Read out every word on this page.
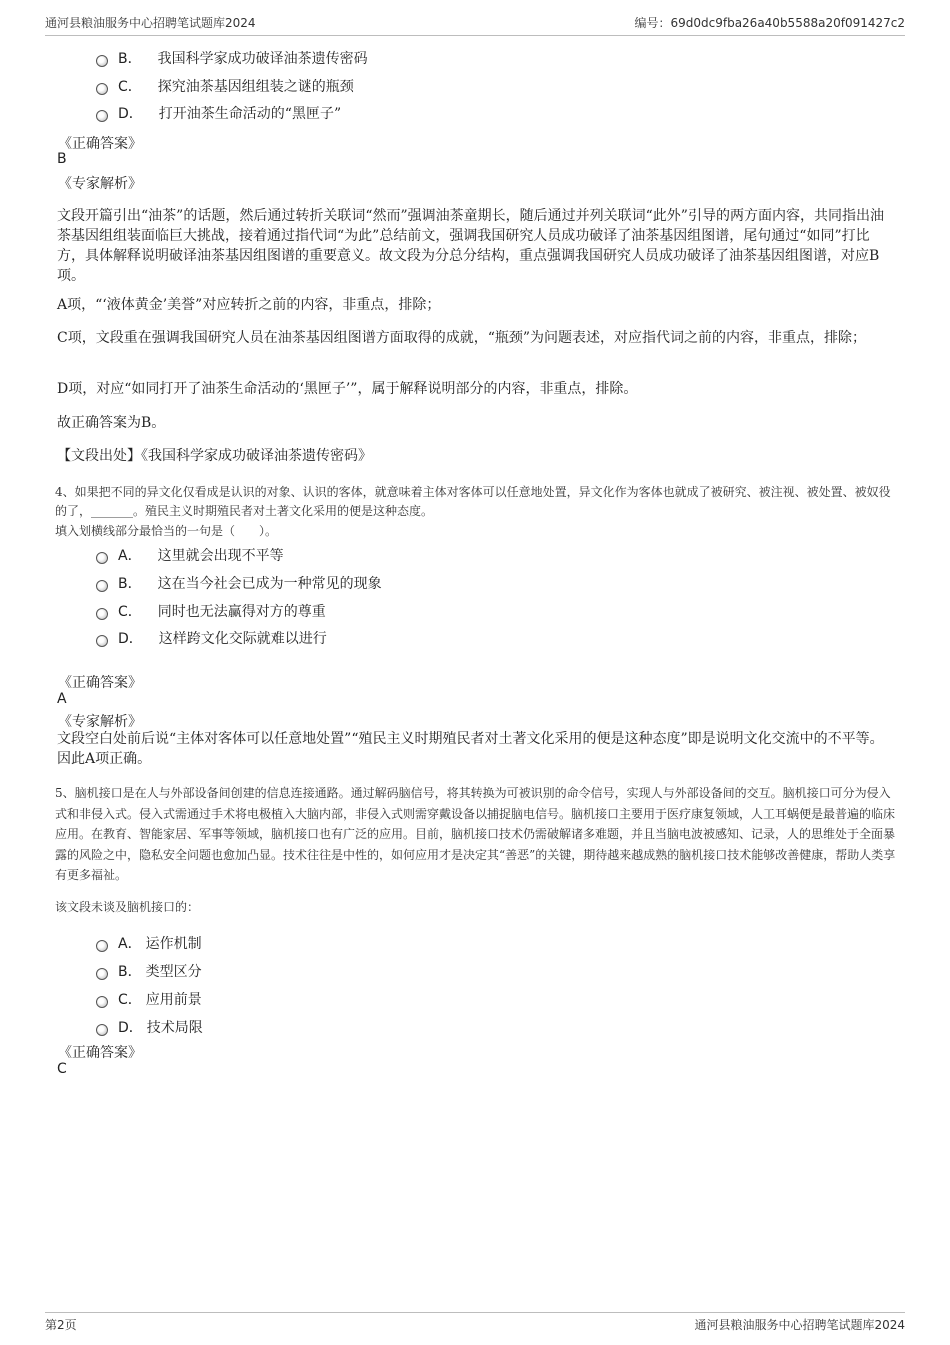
通河县粮油服务中心招聘笔试题库2024	编号：69d0dc9fba26a40b5588a20f091427c2
B． 我国科学家成功破译油茶遗传密码
C． 探究油茶基因组组装之谜的瓶颈
D． 打开油茶生命活动的“黑匣子”
《正确答案》
B
《专家解析》
文段开篇引出“油茶”的话题，然后通过转折关联词“然而”强调油茶童期长，随后通过并列关联词“此外”引导的两方面内容，共同指出油茶基因组组装面临巨大挑战，接着通过指代词“为此”总结前文，强调我国研究人员成功破译了油茶基因组图谱，尾句通过“如同”打比方，具体解释说明破译油茶基因组图谱的重要意义。故文段为分总分结构，重点强调我国研究人员成功破译了油茶基因组图谱，对应B项。
A项，“‘液体黄金’美誉”对应转折之前的内容，非重点，排除；
C项，文段重在强调我国研究人员在油茶基因组图谱方面取得的成就，“瓶颈”为问题表述，对应指代词之前的内容，非重点，排除；
D项，对应“如同打开了油茶生命活动的‘黑匣子’”，属于解释说明部分的内容，非重点，排除。
故正确答案为B。
【文段出处】《我国科学家成功破译油茶遗传密码》
4、如果把不同的异文化仅看成是认识的对象、认识的客体，就意味着主体对客体可以任意地处置，异文化作为客体也就成了被研究、被注视、被处置、被奴役的了，_______。殖民主义时期殖民者对土著文化采用的便是这种态度。
填入划横线部分最恰当的一句是（　　）。
A． 这里就会出现不平等
B． 这在当今社会已成为一种常见的现象
C． 同时也无法赢得对方的尊重
D． 这样跨文化交际就难以进行
《正确答案》
A
《专家解析》
文段空白处前后说“主体对客体可以任意地处置”“殖民主义时期殖民者对土著文化采用的便是这种态度”即是说明文化交流中的不平等。因此A项正确。
5、脑机接口是在人与外部设备间创建的信息连接通路。通过解码脑信号，将其转换为可被识别的命令信号，实现人与外部设备间的交互。脑机接口可分为侵入式和非侵入式。侵入式需通过手术将电极植入大脑内部，非侵入式则需穿戴设备以捕捉脑电信号。脑机接口主要用于医疗康复领域，人工耳蜗便是最普遍的临床应用。在教育、智能家居、军事等领域，脑机接口也有广泛的应用。目前，脑机接口技术仍需破解诸多难题，并且当脑电波被感知、记录，人的思维处于全面暴露的风险之中，隐私安全问题也愈加凸显。技术往往是中性的，如何应用才是决定其“善恶”的关键，期待越来越成熟的脑机接口技术能够改善健康，帮助人类享有更多福祉。
该文段未谈及脑机接口的：
A． 运作机制
B． 类型区分
C． 应用前景
D． 技术局限
《正确答案》
C
第2页	通河县粮油服务中心招聘笔试题库2024
